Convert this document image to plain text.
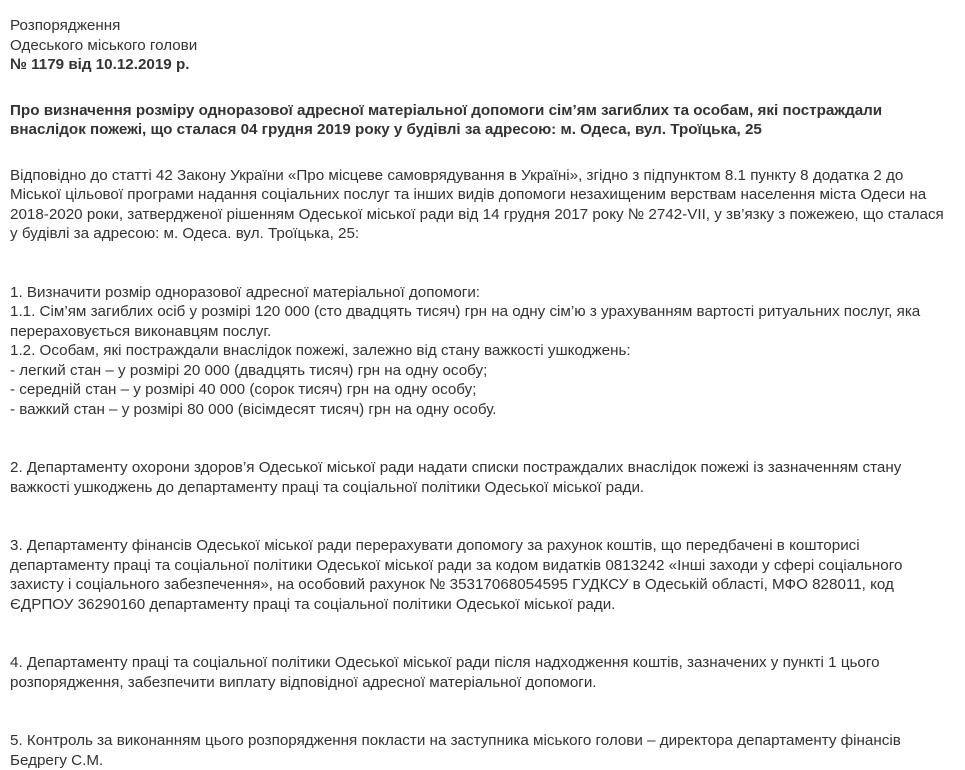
Розпорядження
Одеського міського голови
№ 1179 від 10.12.2019 р.
Про визначення розміру одноразової адресної матеріальної допомоги сім’ям загиблих та особам, які постраждали внаслідок пожежі, що сталася 04 грудня 2019 року у будівлі за адресою: м. Одеса, вул. Троїцька, 25
Відповідно до статті 42 Закону України «Про місцеве самоврядування в Україні», згідно з підпунктом 8.1 пункту 8 додатка 2 до Міської цільової програми надання соціальних послуг та інших видів допомоги незахищеним верствам населення міста Одеси на 2018-2020 роки, затвердженої рішенням Одеської міської ради від 14 грудня 2017 року № 2742-VII, у зв’язку з пожежею, що сталася у будівлі за адресою: м. Одеса. вул. Троїцька, 25:
1. Визначити розмір одноразової адресної матеріальної допомоги:
1.1. Сім’ям загиблих осіб у розмірі 120 000 (сто двадцять тисяч) грн на одну сім’ю з урахуванням вартості ритуальних послуг, яка перераховується виконавцям послуг.
1.2. Особам, які постраждали внаслідок пожежі, залежно від стану важкості ушкоджень:
- легкий стан – у розмірі 20 000 (двадцять тисяч) грн на одну особу;
- середній стан – у розмірі 40 000 (сорок тисяч) грн на одну особу;
- важкий стан – у розмірі 80 000 (вісімдесят тисяч) грн на одну особу.
2. Департаменту охорони здоров’я Одеської міської ради надати списки постраждалих внаслідок пожежі із зазначенням стану важкості ушкоджень до департаменту праці та соціальної політики Одеської міської ради.
3. Департаменту фінансів Одеської міської ради перерахувати допомогу за рахунок коштів, що передбачені в кошторисі департаменту праці та соціальної політики Одеської міської ради за кодом видатків 0813242 «Інші заходи у сфері соціального захисту і соціального забезпечення», на особовий рахунок № 35317068054595 ГУДКСУ в Одеській області, МФО 828011, код ЄДРПОУ 36290160 департаменту праці та соціальної політики Одеської міської ради.
4. Департаменту праці та соціальної політики Одеської міської ради після надходження коштів, зазначених у пункті 1 цього розпорядження, забезпечити виплату відповідної адресної матеріальної допомоги.
5. Контроль за виконанням цього розпорядження покласти на заступника міського голови – директора департаменту фінансів Бедрегу С.М.
